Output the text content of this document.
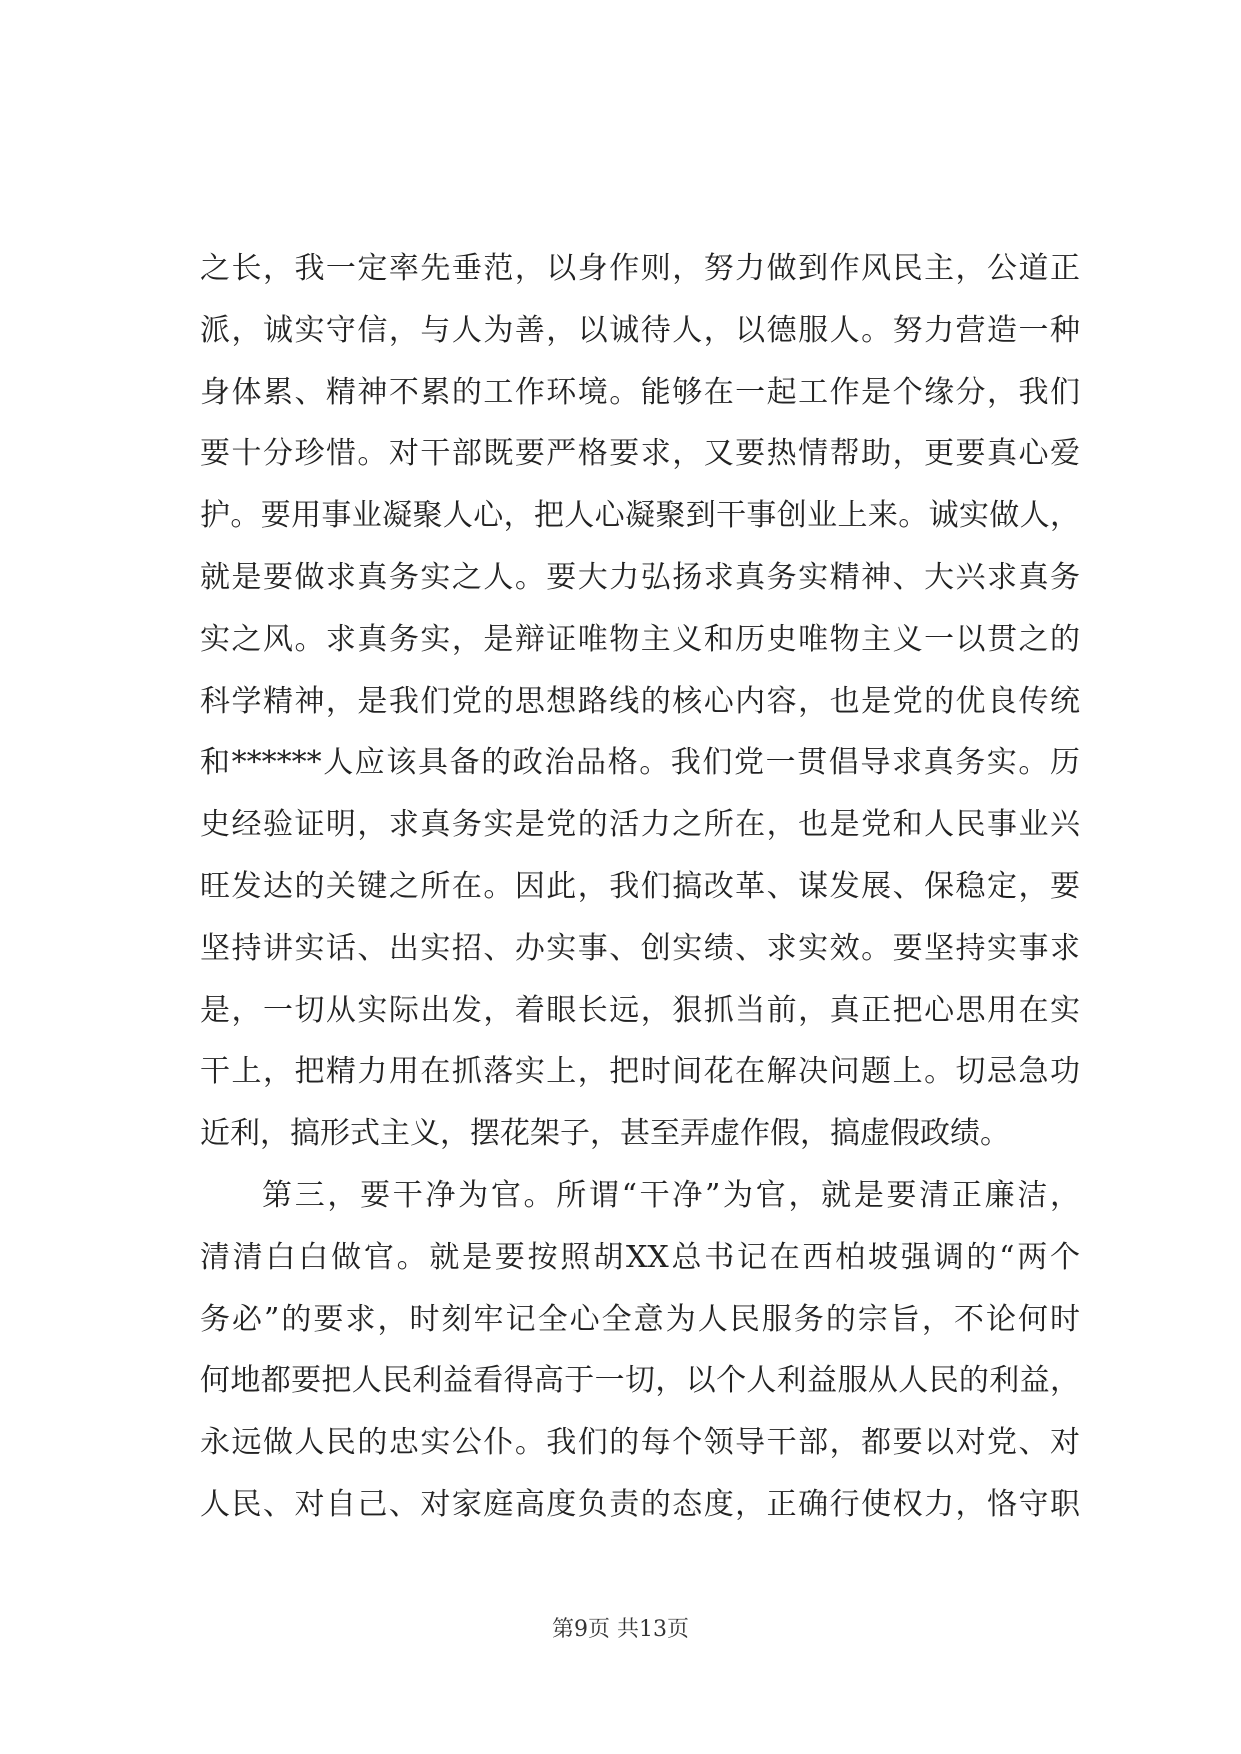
之长，我一定率先垂范，以身作则，努力做到作风民主，公道正
派，诚实守信，与人为善，以诚待人，以德服人。努力营造一种
身体累、精神不累的工作环境。能够在一起工作是个缘分，我们
要十分珍惜。对干部既要严格要求，又要热情帮助，更要真心爱
护。要用事业凝聚人心，把人心凝聚到干事创业上来。诚实做人，
就是要做求真务实之人。要大力弘扬求真务实精神、大兴求真务
实之风。求真务实，是辩证唯物主义和历史唯物主义一以贯之的
科学精神，是我们党的思想路线的核心内容，也是党的优良传统
和******人应该具备的政治品格。我们党一贯倡导求真务实。历
史经验证明，求真务实是党的活力之所在，也是党和人民事业兴
旺发达的关键之所在。因此，我们搞改革、谋发展、保稳定，要
坚持讲实话、出实招、办实事、创实绩、求实效。要坚持实事求
是，一切从实际出发，着眼长远，狠抓当前，真正把心思用在实
干上，把精力用在抓落实上，把时间花在解决问题上。切忌急功
近利，搞形式主义，摆花架子，甚至弄虚作假，搞虚假政绩。
第三，要干净为官。所谓“干净”为官，就是要清正廉洁，
清清白白做官。就是要按照胡XX总书记在西柏坡强调的“两个
务必”的要求，时刻牢记全心全意为人民服务的宗旨，不论何时
何地都要把人民利益看得高于一切，以个人利益服从人民的利益，
永远做人民的忠实公仆。我们的每个领导干部，都要以对党、对
人民、对自己、对家庭高度负责的态度，正确行使权力，恪守职
第9页 共13页
